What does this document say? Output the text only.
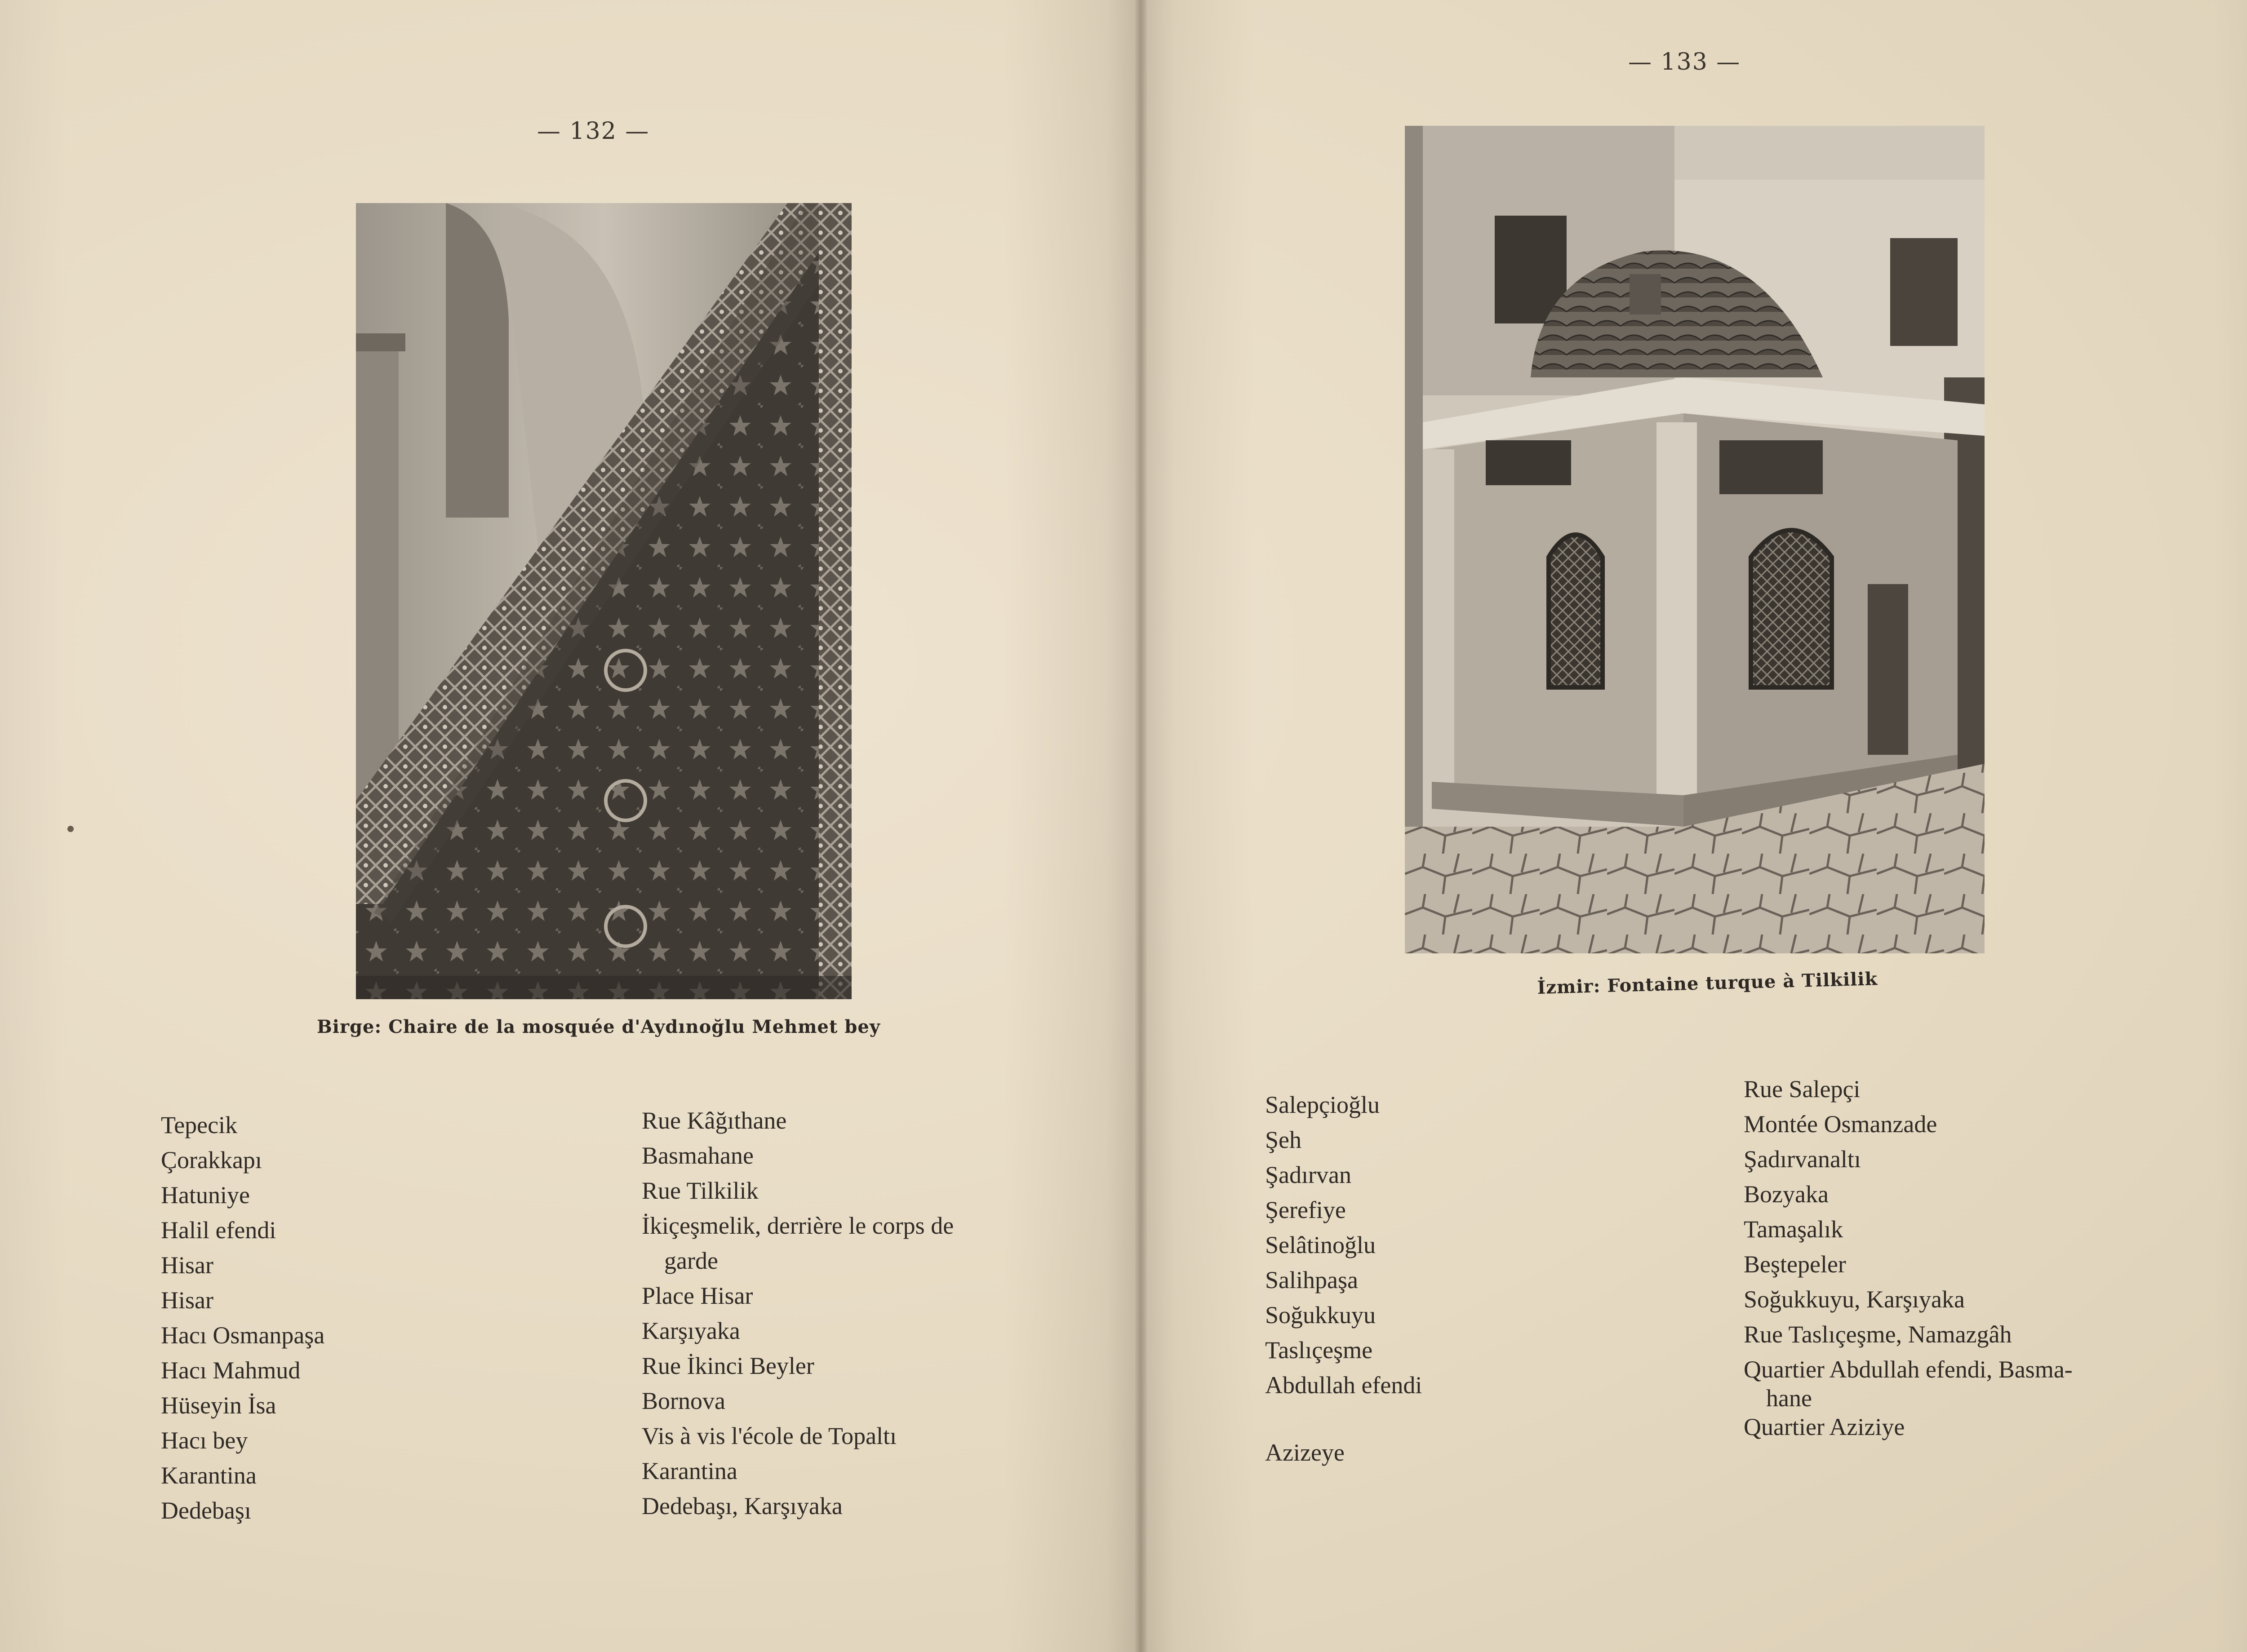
— 132 —
Birge: Chaire de la mosquée d'Aydınoğlu Mehmet bey
Tepecik
Çorakkapı
Hatuniye
Halil efendi
Hisar
Hisar
Hacı Osmanpaşa
Hacı Mahmud
Hüseyin İsa
Hacı bey
Karantina
Dedebaşı
Rue Kâğıthane
Basmahane
Rue Tilkilik
İkiçeşmelik, derrière le corps de
garde
Place Hisar
Karşıyaka
Rue İkinci Beyler
Bornova
Vis à vis l'école de Topaltı
Karantina
Dedebaşı, Karşıyaka
— 133 —
İzmir: Fontaine turque à Tilkilik
Salepçioğlu
Şeh
Şadırvan
Şerefiye
Selâtinoğlu
Salihpaşa
Soğukkuyu
Taslıçeşme
Abdullah efendi
Azizeye
Rue Salepçi
Montée Osmanzade
Şadırvanaltı
Bozyaka
Tamaşalık
Beştepeler
Soğukkuyu, Karşıyaka
Rue Taslıçeşme, Namazgâh
Quartier Abdullah efendi, Basma-
hane
Quartier Aziziye
